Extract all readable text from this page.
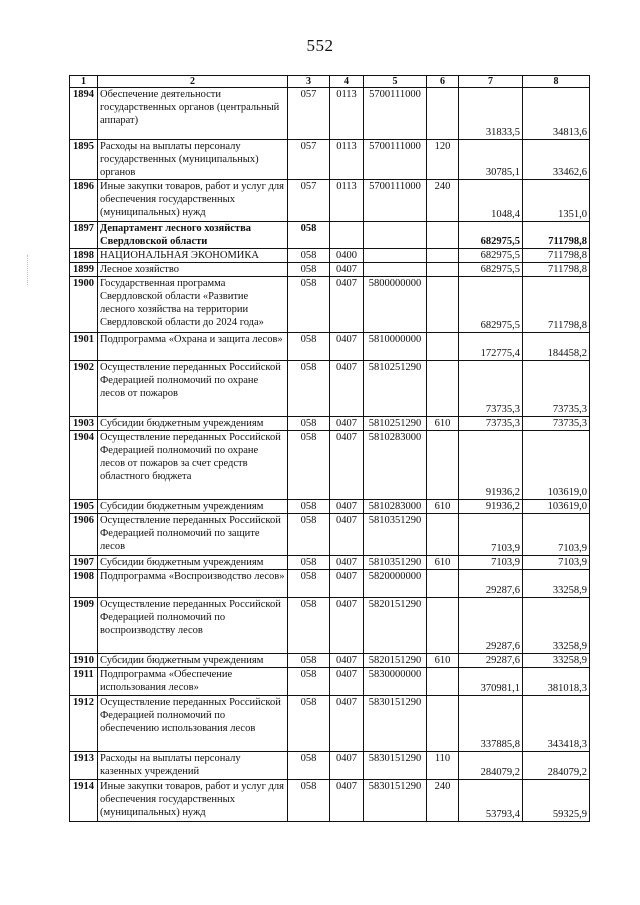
552
1	2	3	4	5	6	7	8
1894	Обеспечение деятельности государственных органов (центральный аппарат)	057	0113	5700111000		31833,5	34813,6
1895	Расходы на выплаты персоналу государственных (муниципальных) органов	057	0113	5700111000	120	30785,1	33462,6
1896	Иные закупки товаров, работ и услуг для обеспечения государственных (муниципальных) нужд	057	0113	5700111000	240	1048,4	1351,0
1897	Департамент лесного хозяйства Свердловской области	058				682975,5	711798,8
1898	НАЦИОНАЛЬНАЯ ЭКОНОМИКА	058	0400			682975,5	711798,8
1899	Лесное хозяйство	058	0407			682975,5	711798,8
1900	Государственная программа Свердловской области «Развитие лесного хозяйства на территории Свердловской области до 2024 года»	058	0407	5800000000		682975,5	711798,8
1901	Подпрограмма «Охрана и защита лесов»	058	0407	5810000000		172775,4	184458,2
1902	Осуществление переданных Российской Федерацией полномочий по охране лесов от пожаров	058	0407	5810251290		73735,3	73735,3
1903	Субсидии бюджетным учреждениям	058	0407	5810251290	610	73735,3	73735,3
1904	Осуществление переданных Российской Федерацией полномочий по охране лесов от пожаров за счет средств областного бюджета	058	0407	5810283000		91936,2	103619,0
1905	Субсидии бюджетным учреждениям	058	0407	5810283000	610	91936,2	103619,0
1906	Осуществление переданных Российской Федерацией полномочий по защите лесов	058	0407	5810351290		7103,9	7103,9
1907	Субсидии бюджетным учреждениям	058	0407	5810351290	610	7103,9	7103,9
1908	Подпрограмма «Воспроизводство лесов»	058	0407	5820000000		29287,6	33258,9
1909	Осуществление переданных Российской Федерацией полномочий по воспроизводству лесов	058	0407	5820151290		29287,6	33258,9
1910	Субсидии бюджетным учреждениям	058	0407	5820151290	610	29287,6	33258,9
1911	Подпрограмма «Обеспечение использования лесов»	058	0407	5830000000		370981,1	381018,3
1912	Осуществление переданных Российской Федерацией полномочий по обеспечению использования лесов	058	0407	5830151290		337885,8	343418,3
1913	Расходы на выплаты персоналу казенных учреждений	058	0407	5830151290	110	284079,2	284079,2
1914	Иные закупки товаров, работ и услуг для обеспечения государственных (муниципальных) нужд	058	0407	5830151290	240	53793,4	59325,9
